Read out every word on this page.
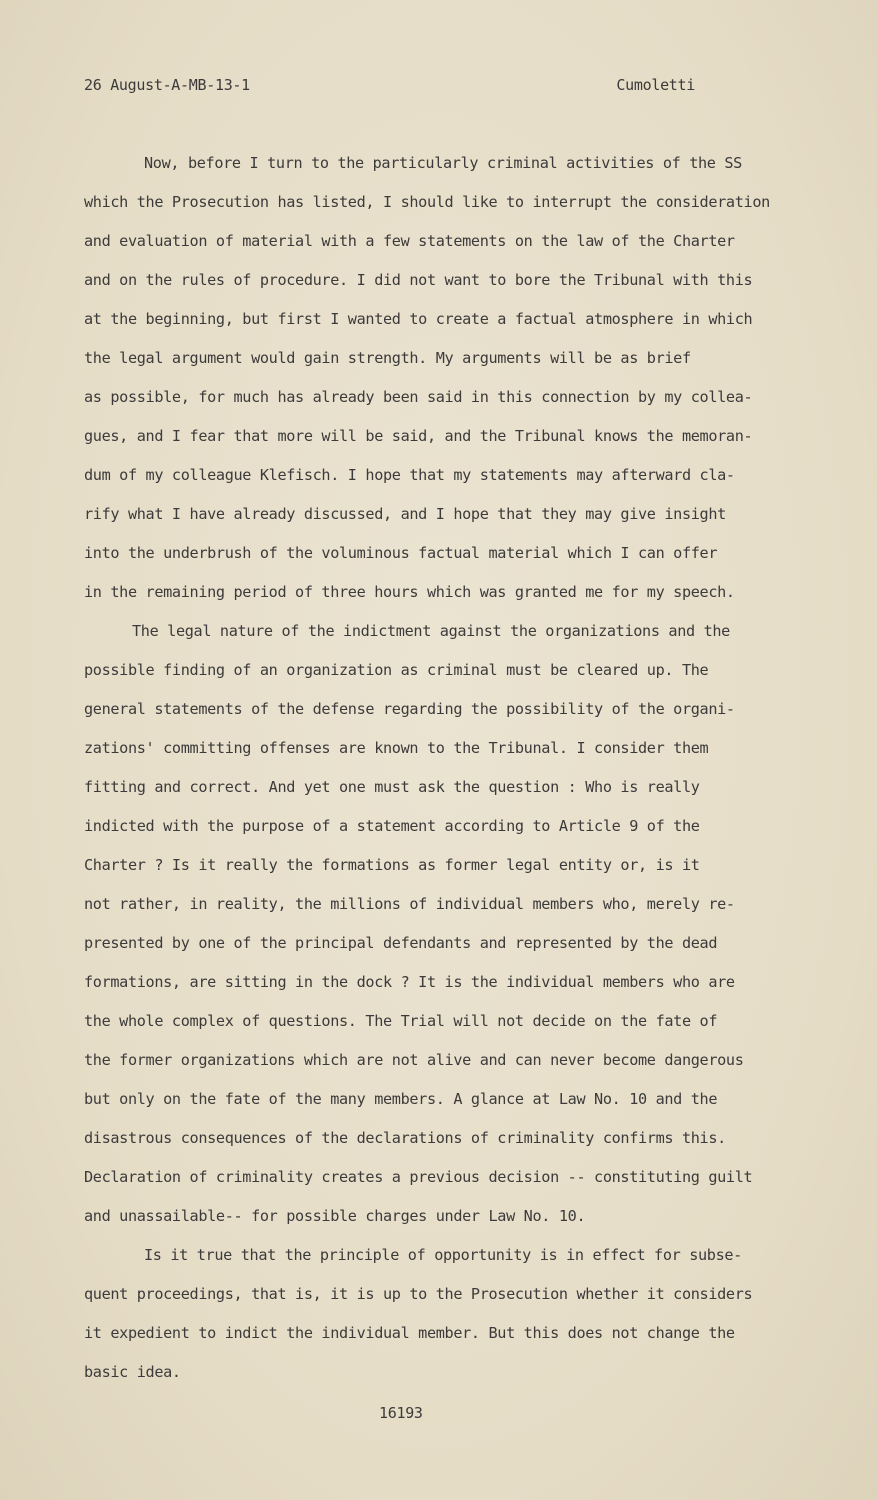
26 August-A-MB-13-1	Cumoletti
Now, before I turn to the particularly criminal activities of the SS
which the Prosecution has listed, I should like to interrupt the consideration
and evaluation of material with a few statements on the law of the Charter
and on the rules of procedure. I did not want to bore the Tribunal with this
at the beginning, but first I wanted to create a factual atmosphere in which
the legal argument would gain strength. My arguments will be as brief
as possible, for much has already been said in this connection by my collea-
gues, and I fear that more will be said, and the Tribunal knows the memoran-
dum of my colleague Klefisch. I hope that my statements may afterward cla-
rify what I have already discussed, and I hope that they may give insight
into the underbrush of the voluminous factual material which I can offer
in the remaining period of three hours which was granted me for my speech.
The legal nature of the indictment against the organizations and the
possible finding of an organization as criminal must be cleared up. The
general statements of the defense regarding the possibility of the organi-
zations' committing offenses are known to the Tribunal. I consider them
fitting and correct. And yet one must ask the question : Who is really
indicted with the purpose of a statement according to Article 9 of the
Charter ? Is it really the formations as former legal entity or, is it
not rather, in reality, the millions of individual members who, merely re-
presented by one of the principal defendants and represented by the dead
formations, are sitting in the dock ? It is the individual members who are
the whole complex of questions. The Trial will not decide on the fate of
the former organizations which are not alive and can never become dangerous
but only on the fate of the many members. A glance at Law No. 10 and the
disastrous consequences of the declarations of criminality confirms this.
Declaration of criminality creates a previous decision -- constituting guilt
and unassailable-- for possible charges under Law No. 10.
Is it true that the principle of opportunity is in effect for subse-
quent proceedings, that is, it is up to the Prosecution whether it considers
it expedient to indict the individual member. But this does not change the
basic idea.
16193
